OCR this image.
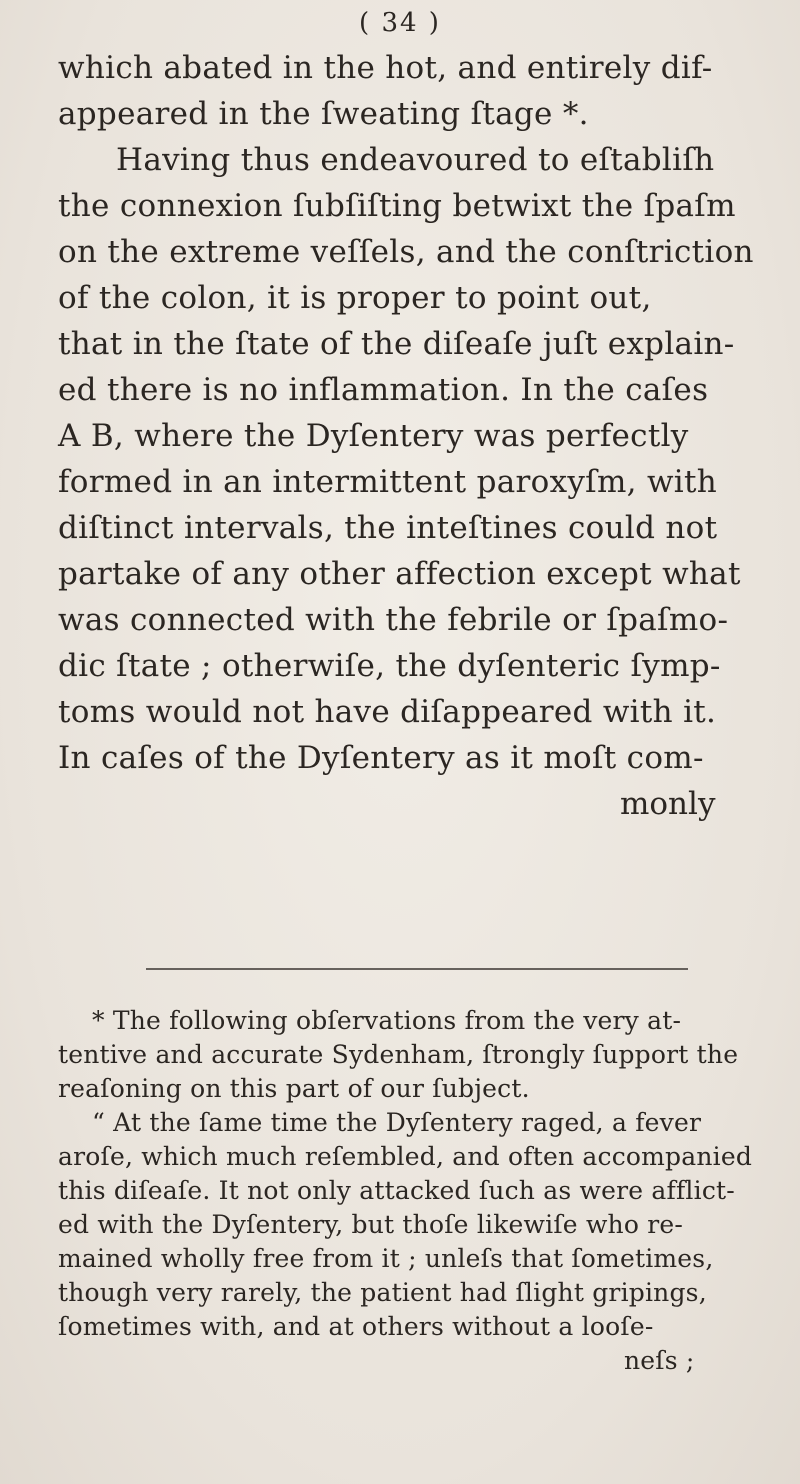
( 34 )
which abated in the hot, and entirely dif-
appeared in the ſweating ſtage *.
Having thus endeavoured to eſtabliſh
the connexion ſubſiſting betwixt the ſpaſm
on the extreme veſſels, and the conſtriction
of the colon, it is proper to point out,
that in the ſtate of the diſeaſe juſt explain-
ed there is no inflammation. In the caſes
A B, where the Dyſentery was perfectly
formed in an intermittent paroxyſm, with
diſtinct intervals, the inteſtines could not
partake of any other affection except what
was connected with the febrile or ſpaſmo-
dic ſtate ; otherwiſe, the dyſenteric ſymp-
toms would not have diſappeared with it.
In caſes of the Dyſentery as it moſt com-
monly
* The following obſervations from the very at-
tentive and accurate Sydenham, ſtrongly ſupport the
reaſoning on this part of our ſubject.
“ At the ſame time the Dyſentery raged, a fever
aroſe, which much reſembled, and often accompanied
this diſeaſe. It not only attacked ſuch as were afflict-
ed with the Dyſentery, but thoſe likewiſe who re-
mained wholly free from it ; unleſs that ſometimes,
though very rarely, the patient had ſlight gripings,
ſometimes with, and at others without a looſe-
neſs ;
